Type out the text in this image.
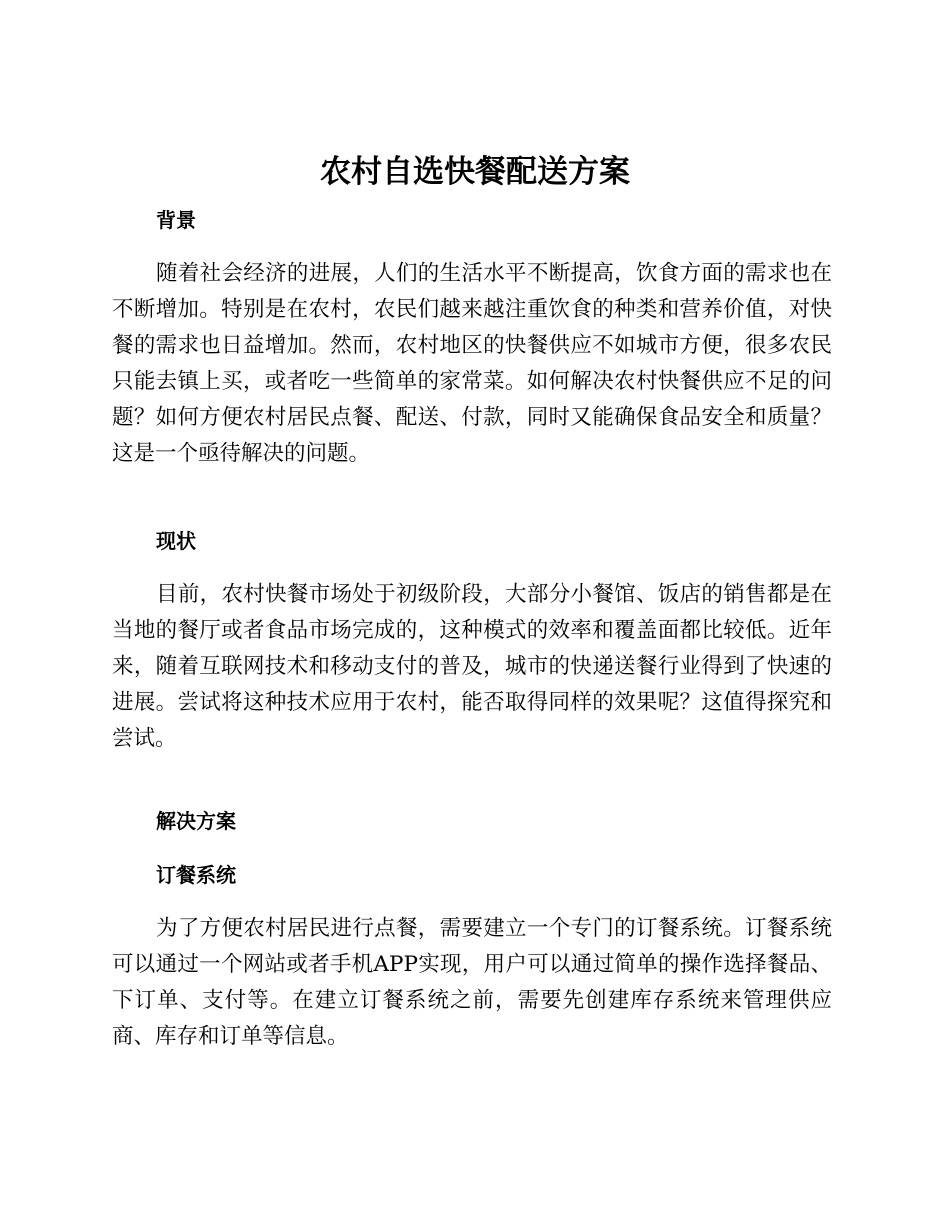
农村自选快餐配送方案
背景

随着社会经济的进展，人们的生活水平不断提高，饮食方面的需求也在不断增加。特别是在农村，农民们越来越注重饮食的种类和营养价值，对快餐的需求也日益增加。然而，农村地区的快餐供应不如城市方便，很多农民只能去镇上买，或者吃一些简单的家常菜。如何解决农村快餐供应不足的问题？如何方便农村居民点餐、配送、付款，同时又能确保食品安全和质量？这是一个亟待解决的问题。

现状

目前，农村快餐市场处于初级阶段，大部分小餐馆、饭店的销售都是在当地的餐厅或者食品市场完成的，这种模式的效率和覆盖面都比较低。近年来，随着互联网技术和移动支付的普及，城市的快递送餐行业得到了快速的进展。尝试将这种技术应用于农村，能否取得同样的效果呢？这值得探究和尝试。

解决方案
订餐系统

为了方便农村居民进行点餐，需要建立一个专门的订餐系统。订餐系统可以通过一个网站或者手机APP实现，用户可以通过简单的操作选择餐品、下订单、支付等。在建立订餐系统之前，需要先创建库存系统来管理供应商、库存和订单等信息。
